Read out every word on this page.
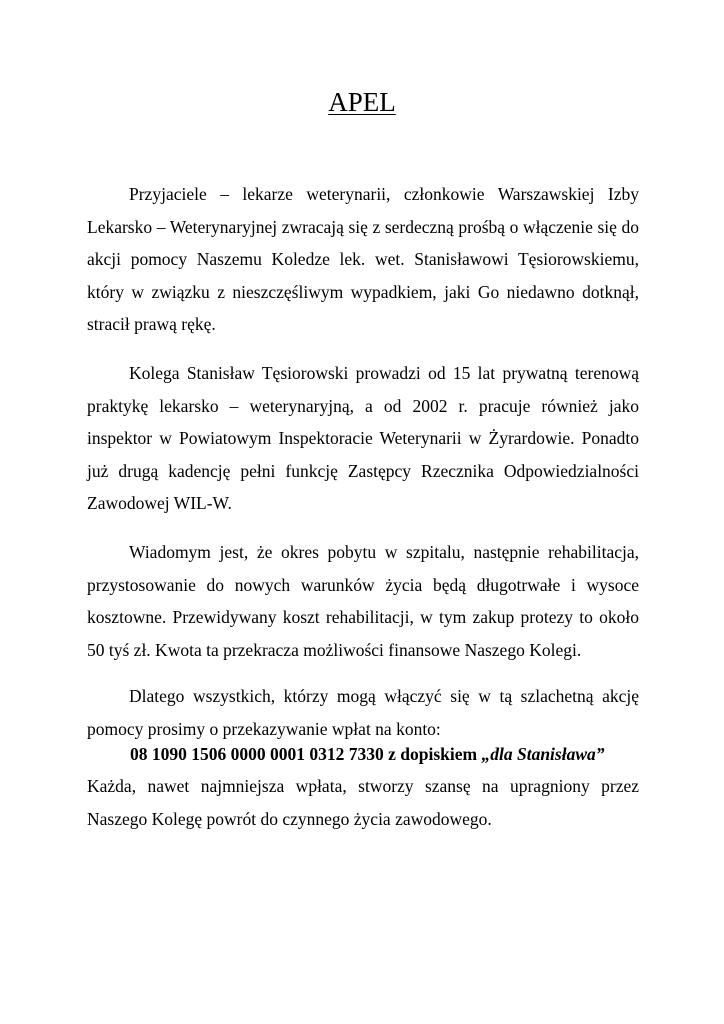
APEL

Przyjaciele – lekarze weterynarii, członkowie Warszawskiej Izby Lekarsko – Weterynaryjnej zwracają się z serdeczną prośbą o włączenie się do akcji pomocy Naszemu Koledze lek. wet. Stanisławowi Tęsiorowskiemu, który w związku z nieszczęśliwym wypadkiem, jaki Go niedawno dotknął, stracił prawą rękę.

Kolega Stanisław Tęsiorowski prowadzi od 15 lat prywatną terenową praktykę lekarsko – weterynaryjną, a od 2002 r. pracuje również jako inspektor w Powiatowym Inspektoracie Weterynarii w Żyrardowie. Ponadto już drugą kadencję pełni funkcję Zastępcy Rzecznika Odpowiedzialności Zawodowej WIL-W.

Wiadomym jest, że okres pobytu w szpitalu, następnie rehabilitacja, przystosowanie do nowych warunków życia będą długotrwałe i wysoce kosztowne. Przewidywany koszt rehabilitacji, w tym zakup protezy to około 50 tyś zł. Kwota ta przekracza możliwości finansowe Naszego Kolegi.

Dlatego wszystkich, którzy mogą włączyć się w tą szlachetną akcję pomocy prosimy o przekazywanie wpłat na konto:

08 1090 1506 0000 0001 0312 7330 z dopiskiem „dla Stanisława”

Każda, nawet najmniejsza wpłata, stworzy szansę na upragniony przez Naszego Kolegę powrót do czynnego życia zawodowego.
